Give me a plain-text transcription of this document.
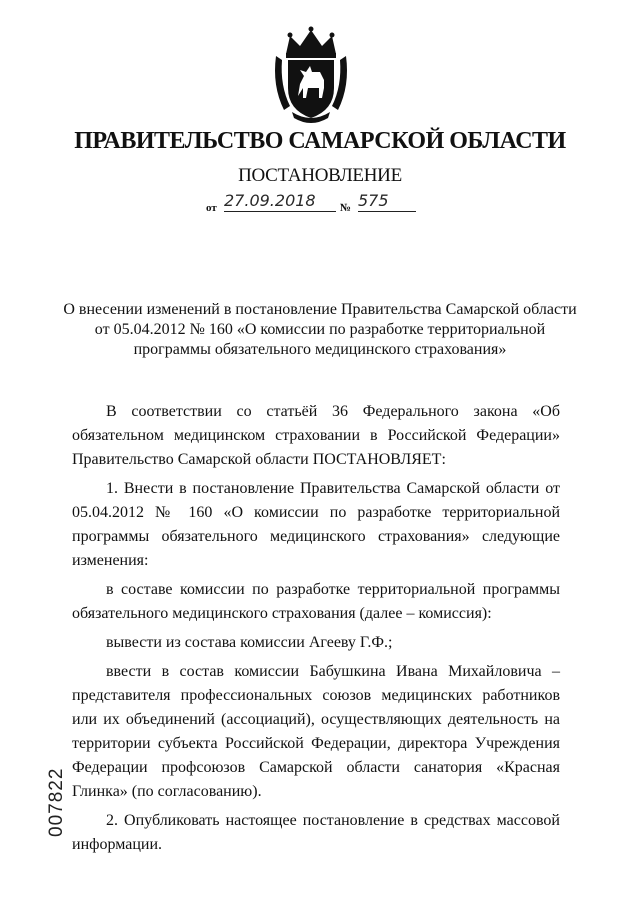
ПРАВИТЕЛЬСТВО САМАРСКОЙ ОБЛАСТИ
ПОСТАНОВЛЕНИЕ
от 27.09.2018	№ 575
О внесении изменений в постановление Правительства Самарской области
от 05.04.2012 № 160 «О комиссии по разработке территориальной
программы обязательного медицинского страхования»

В соответствии со статьёй 36 Федерального закона «Об обязательном медицинском страховании в Российской Федерации» Правительство Самарской области ПОСТАНОВЛЯЕТ:

1. Внести в постановление Правительства Самарской области от 05.04.2012 № 160 «О комиссии по разработке территориальной программы обязательного медицинского страхования» следующие изменения:

в составе комиссии по разработке территориальной программы обязательного медицинского страхования (далее – комиссия):

вывести из состава комиссии Агееву Г.Ф.;

ввести в состав комиссии Бабушкина Ивана Михайловича – представителя профессиональных союзов медицинских работников или их объединений (ассоциаций), осуществляющих деятельность на территории субъекта Российской Федерации, директора Учреждения Федерации профсоюзов Самарской области санатория «Красная Глинка» (по согласованию).

2. Опубликовать настоящее постановление в средствах массовой информации.

007822
